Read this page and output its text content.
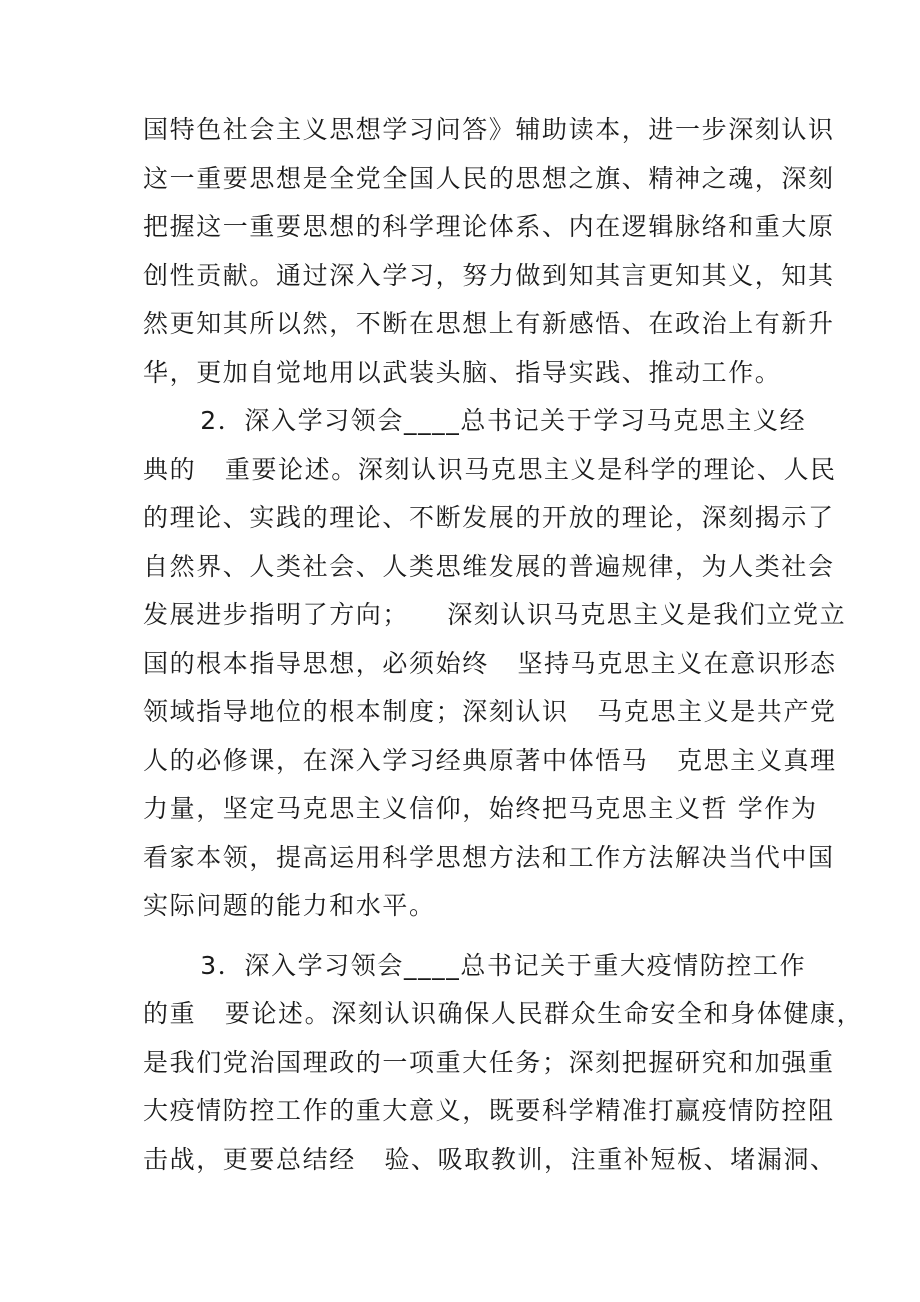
国特色社会主义思想学习问答》辅助读本，进一步深刻认识
这一重要思想是全党全国人民的思想之旗、精神之魂，深刻
把握这一重要思想的科学理论体系、内在逻辑脉络和重大原
创性贡献。通过深入学习，努力做到知其言更知其义，知其
然更知其所以然，不断在思想上有新感悟、在政治上有新升
华，更加自觉地用以武装头脑、指导实践、推动工作。
2．深入学习领会____总书记关于学习马克思主义经
典的   重要论述。深刻认识马克思主义是科学的理论、人民
的理论、实践的理论、不断发展的开放的理论，深刻揭示了
自然界、人类社会、人类思维发展的普遍规律，为人类社会
发展进步指明了方向；    深刻认识马克思主义是我们立党立
国的根本指导思想，必须始终   坚持马克思主义在意识形态
领域指导地位的根本制度；深刻认识   马克思主义是共产党
人的必修课，在深入学习经典原著中体悟马   克思主义真理
力量，坚定马克思主义信仰，始终把马克思主义哲 学作为
看家本领，提高运用科学思想方法和工作方法解决当代中国
实际问题的能力和水平。
3．深入学习领会____总书记关于重大疫情防控工作
的重   要论述。深刻认识确保人民群众生命安全和身体健康，
是我们党治国理政的一项重大任务；深刻把握研究和加强重
大疫情防控工作的重大意义，既要科学精准打赢疫情防控阻
击战，更要总结经   验、吸取教训，注重补短板、堵漏洞、
